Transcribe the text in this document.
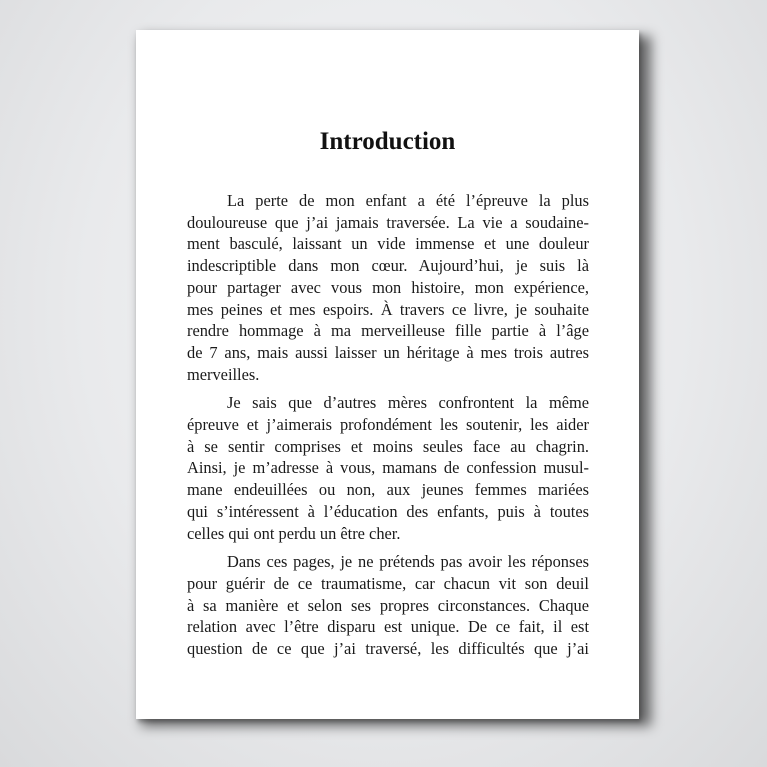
Introduction
La perte de mon enfant a été l’épreuve la plus
douloureuse que j’ai jamais traversée. La vie a soudaine-
ment basculé, laissant un vide immense et une douleur
indescriptible dans mon cœur. Aujourd’hui, je suis là
pour partager avec vous mon histoire, mon expérience,
mes peines et mes espoirs. À travers ce livre, je souhaite
rendre hommage à ma merveilleuse fille partie à l’âge
de 7 ans, mais aussi laisser un héritage à mes trois autres
merveilles.
Je sais que d’autres mères confrontent la même
épreuve et j’aimerais profondément les soutenir, les aider
à se sentir comprises et moins seules face au chagrin.
Ainsi, je m’adresse à vous, mamans de confession musul-
mane endeuillées ou non, aux jeunes femmes mariées
qui s’intéressent à l’éducation des enfants, puis à toutes
celles qui ont perdu un être cher.
Dans ces pages, je ne prétends pas avoir les réponses
pour guérir de ce traumatisme, car chacun vit son deuil
à sa manière et selon ses propres circonstances. Chaque
relation avec l’être disparu est unique. De ce fait, il est
question de ce que j’ai traversé, les difficultés que j’ai
